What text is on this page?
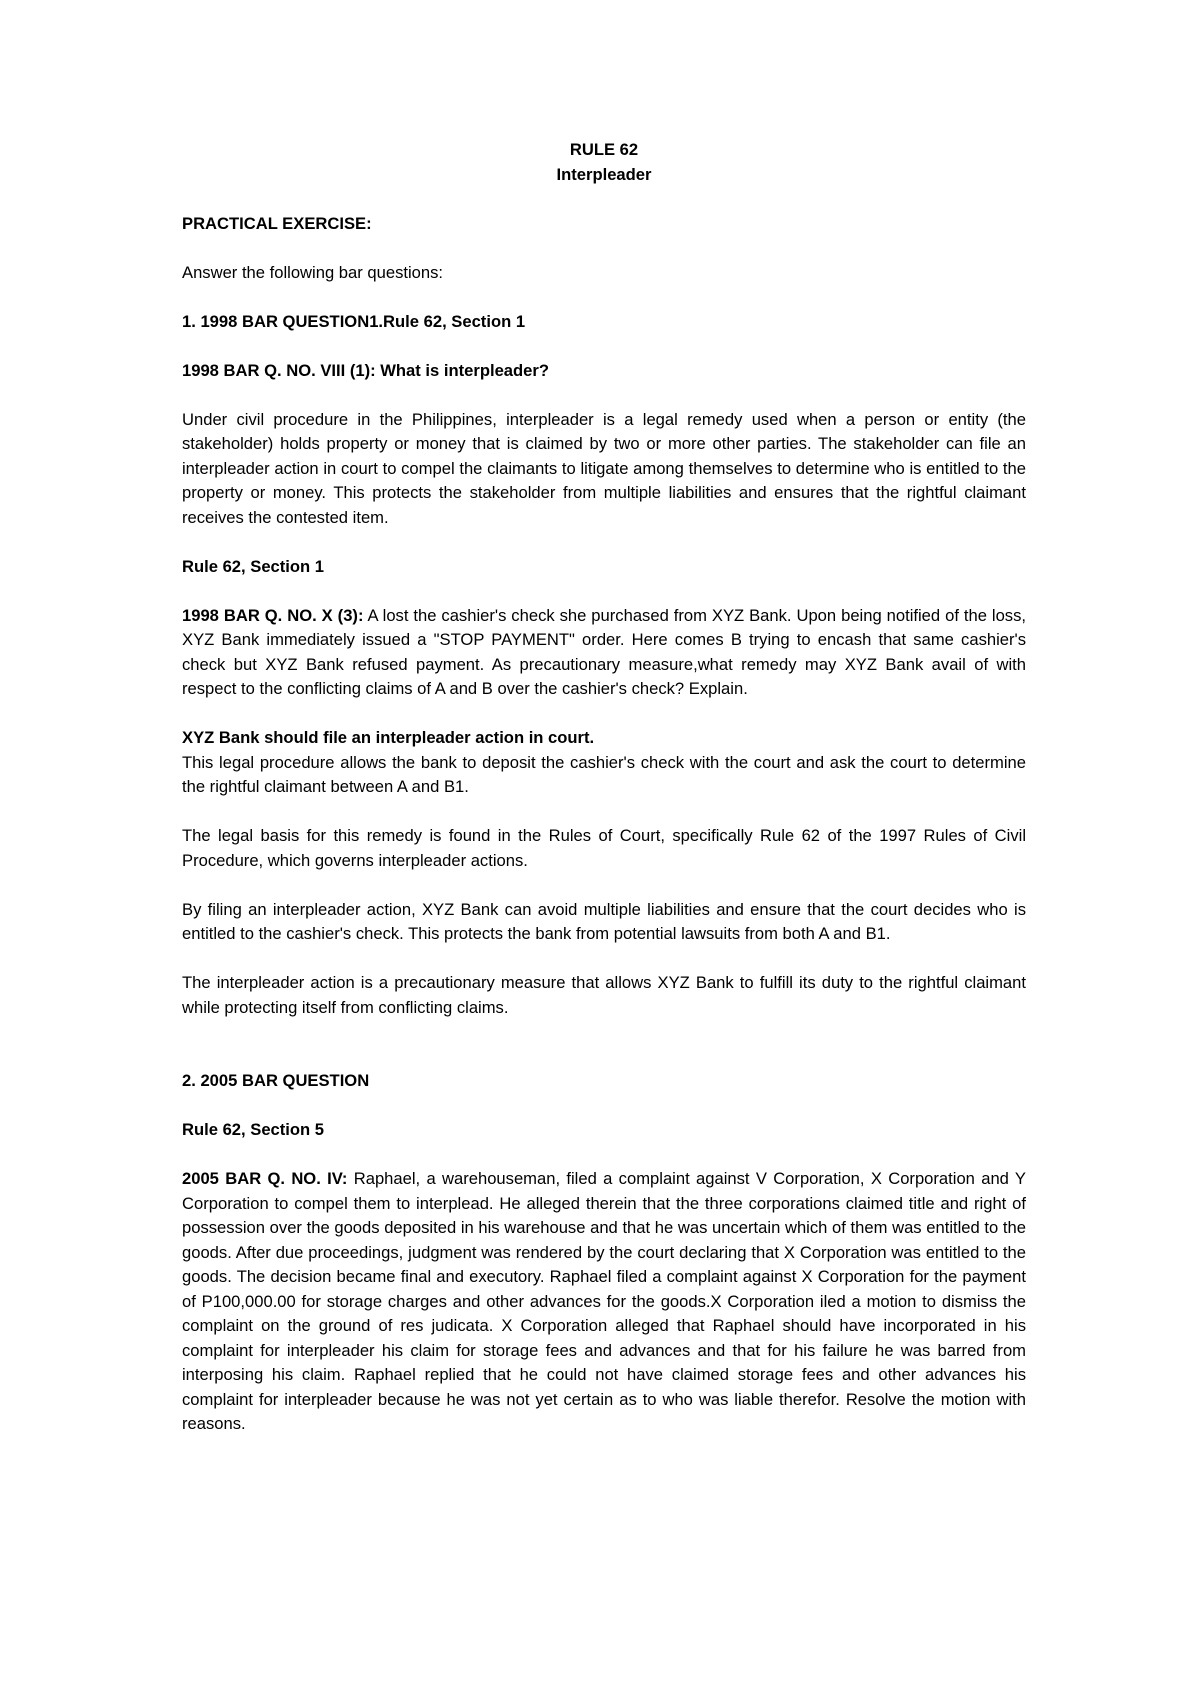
RULE 62

Interpleader

PRACTICAL EXERCISE:

Answer the following bar questions:

1. 1998 BAR QUESTION1.Rule 62, Section 1

1998 BAR Q. NO. VIII (1): What is interpleader?

Under civil procedure in the Philippines, interpleader is a legal remedy used when a person or entity (the stakeholder) holds property or money that is claimed by two or more other parties. The stakeholder can file an interpleader action in court to compel the claimants to litigate among themselves to determine who is entitled to the property or money. This protects the stakeholder from multiple liabilities and ensures that the rightful claimant receives the contested item.

Rule 62, Section 1

1998 BAR Q. NO. X (3): A lost the cashier's check she purchased from XYZ Bank. Upon being notified of the loss, XYZ Bank immediately issued a "STOP PAYMENT" order. Here comes B trying to encash that same cashier's check but XYZ Bank refused payment. As precautionary measure,what remedy may XYZ Bank avail of with respect to the conflicting claims of A and B over the cashier's check? Explain.

XYZ Bank should file an interpleader action in court.

This legal procedure allows the bank to deposit the cashier's check with the court and ask the court to determine the rightful claimant between A and B1.

The legal basis for this remedy is found in the Rules of Court, specifically Rule 62 of the 1997 Rules of Civil Procedure, which governs interpleader actions.

By filing an interpleader action, XYZ Bank can avoid multiple liabilities and ensure that the court decides who is entitled to the cashier's check. This protects the bank from potential lawsuits from both A and B1.

The interpleader action is a precautionary measure that allows XYZ Bank to fulfill its duty to the rightful claimant while protecting itself from conflicting claims.

2. 2005 BAR QUESTION

Rule 62, Section 5

2005 BAR Q. NO. IV: Raphael, a warehouseman, filed a complaint against V Corporation, X Corporation and Y Corporation to compel them to interplead. He alleged therein that the three corporations claimed title and right of possession over the goods deposited in his warehouse and that he was uncertain which of them was entitled to the goods. After due proceedings, judgment was rendered by the court declaring that X Corporation was entitled to the goods. The decision became final and executory. Raphael filed a complaint against X Corporation for the payment of P100,000.00 for storage charges and other advances for the goods.X Corporation iled a motion to dismiss the complaint on the ground of res judicata. X Corporation alleged that Raphael should have incorporated in his complaint for interpleader his claim for storage fees and advances and that for his failure he was barred from interposing his claim. Raphael replied that he could not have claimed storage fees and other advances his complaint for interpleader because he was not yet certain as to who was liable therefor. Resolve the motion with reasons.
